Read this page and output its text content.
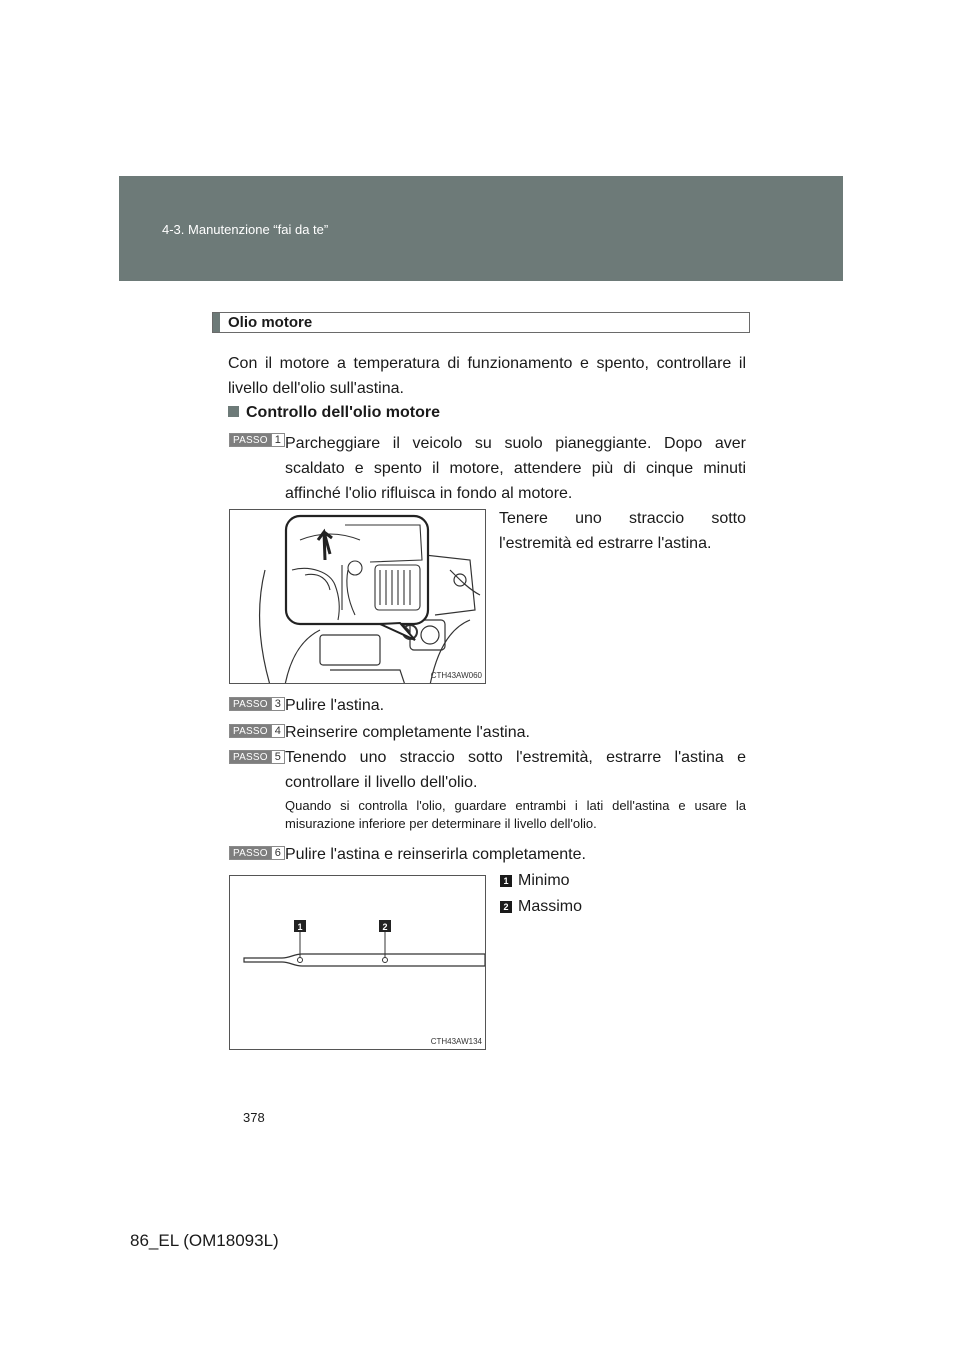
4-3. Manutenzione “fai da te”
Olio motore
Con il motore a temperatura di funzionamento e spento, controllare il livello dell'olio sull'astina.
Controllo dell'olio motore
PASSO 1 Parcheggiare il veicolo su suolo pianeggiante. Dopo aver scaldato e spento il motore, attendere più di cinque minuti affinché l'olio rifluisca in fondo al motore.
Tenere uno straccio sotto l'estremità ed estrarre l'astina.
CTH43AW060
PASSO 3 Pulire l'astina.
PASSO 4 Reinserire completamente l'astina.
PASSO 5 Tenendo uno straccio sotto l'estremità, estrarre l'astina e controllare il livello dell'olio.
Quando si controlla l'olio, guardare entrambi i lati dell'astina e usare la misurazione inferiore per determinare il livello dell'olio.
PASSO 6 Pulire l'astina e reinserirla completamente.
1	2
CTH43AW134
1 Minimo
2 Massimo
378
86_EL (OM18093L)
